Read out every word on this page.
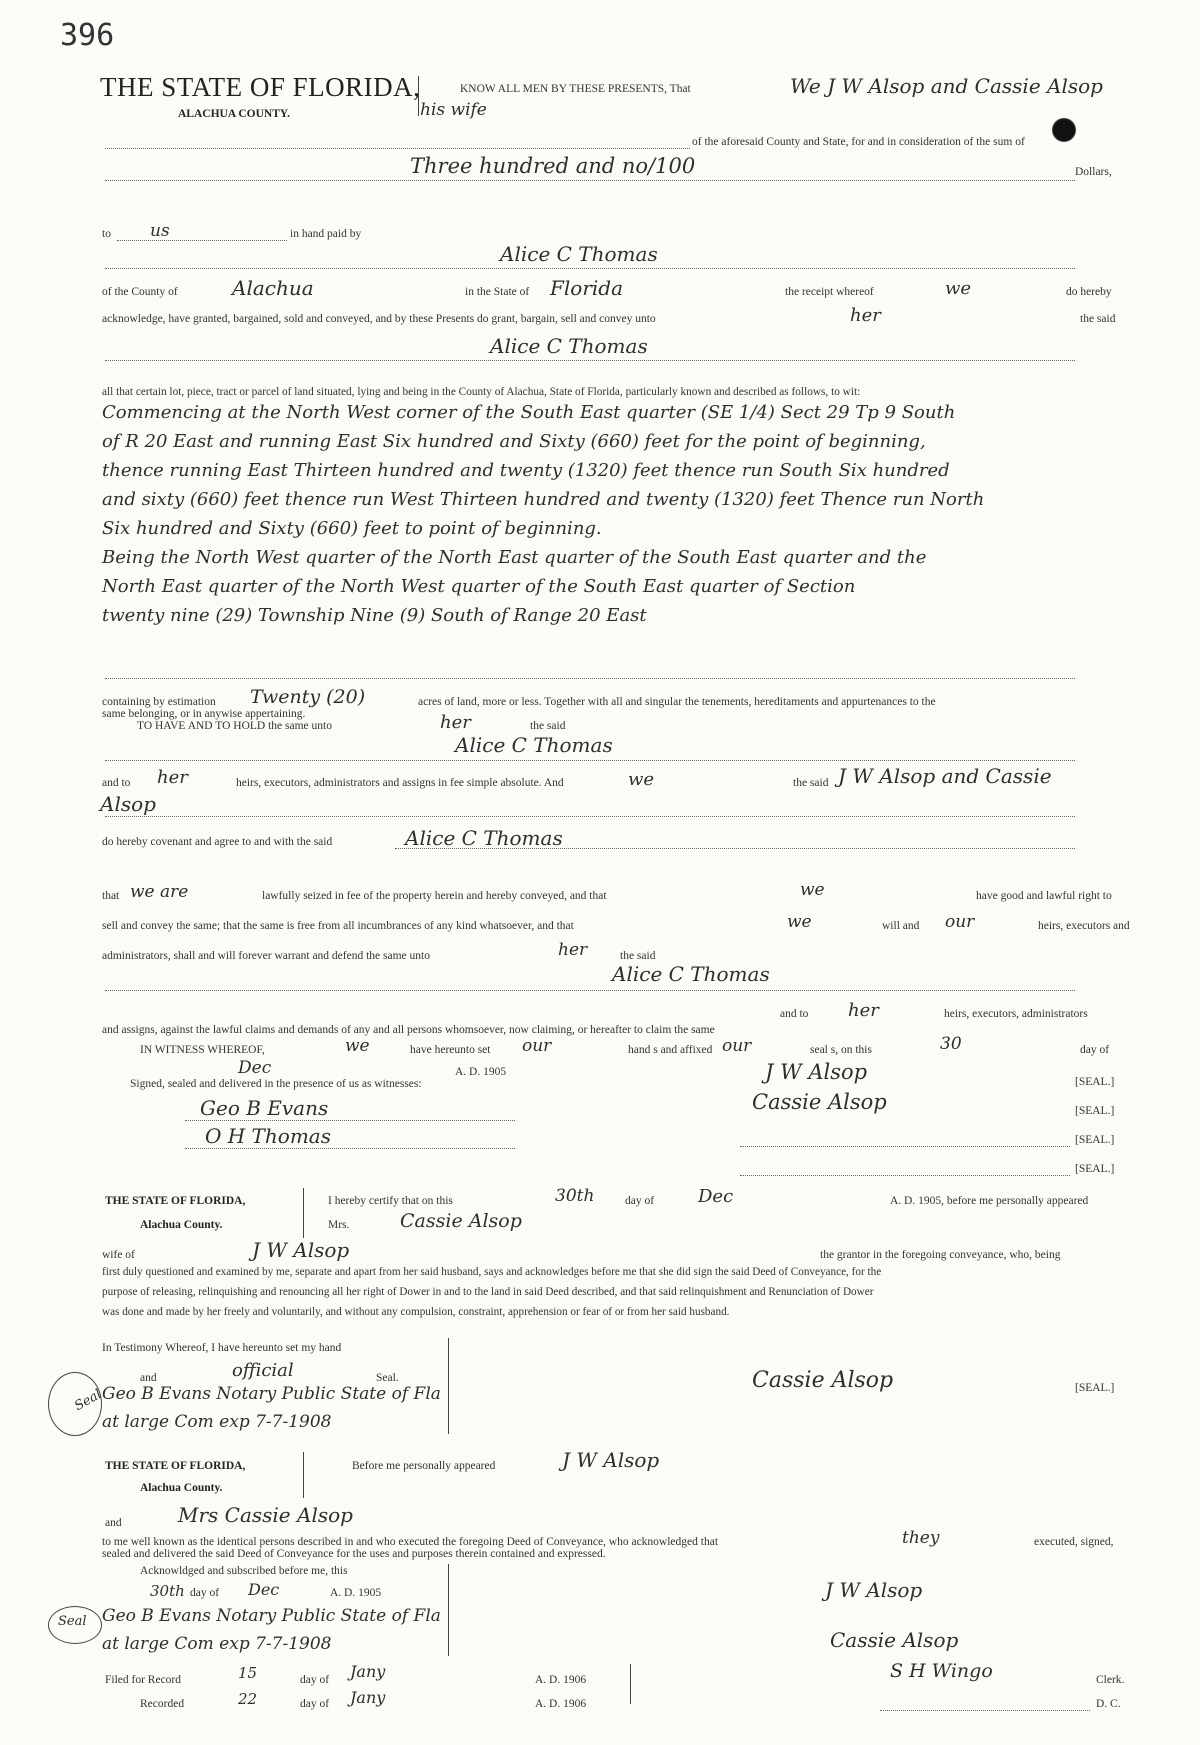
396
THE STATE OF FLORIDA,
ALACHUA COUNTY.
KNOW ALL MEN BY THESE PRESENTS, That	We J W Alsop and Cassie Alsop
his wife
of the aforesaid County and State, for and in consideration of the sum of
Three hundred and no/100	Dollars,
to us	in hand paid by
Alice C Thomas
of the County of	Alachua	in the State of Florida	the receipt whereof	we	do hereby
acknowledge, have granted, bargained, sold and conveyed, and by these Presents do grant, bargain, sell and convey unto	her	the said
Alice C Thomas
all that certain lot, piece, tract or parcel of land situated, lying and being in the County of Alachua, State of Florida, particularly known and described as follows, to wit:
Commencing at the North West corner of the South East quarter (SE 1/4) Sect 29 Tp 9 South
of R 20 East and running East Six hundred and Sixty (660) feet for the point of beginning,
thence running East Thirteen hundred and twenty (1320) feet thence run South Six hundred
and sixty (660) feet thence run West Thirteen hundred and twenty (1320) feet Thence run North
Six hundred and Sixty (660) feet to point of beginning.
Being the North West quarter of the North East quarter of the South East quarter and the
North East quarter of the North West quarter of the South East quarter of Section
twenty nine (29) Township Nine (9) South of Range 20 East
containing by estimation Twenty (20)	acres of land, more or less. Together with all and singular the tenements, hereditaments and appurtenances to the
same belonging, or in anywise appertaining.
TO HAVE AND TO HOLD the same unto	her	the said
Alice C Thomas
and to her	heirs, executors, administrators and assigns in fee simple absolute. And	we	the said J W Alsop and Cassie
Alsop
do hereby covenant and agree to and with the said	Alice C Thomas
that we are	lawfully seized in fee of the property herein and hereby conveyed, and that	we	have good and lawful right to
sell and convey the same; that the same is free from all incumbrances of any kind whatsoever, and that	we	will and our	heirs, executors and
administrators, shall and will forever warrant and defend the same unto	her	the said
Alice C Thomas
and to her	heirs, executors, administrators
and assigns, against the lawful claims and demands of any and all persons whomsoever, now claiming, or hereafter to claim the same
IN WITNESS WHEREOF,	we	have hereunto set our	hand s and affixed our	seal s, on this	30	day of
Dec	A. D. 1905
Signed, sealed and delivered in the presence of us as witnesses:
Geo B Evans
O H Thomas
J W Alsop	[SEAL.]
Cassie Alsop	[SEAL.]
[SEAL.]
[SEAL.]
THE STATE OF FLORIDA,
Alachua County.
I hereby certify that on this	30th	day of Dec	A. D. 1905, before me personally appeared
Mrs.	Cassie Alsop
wife of	J W Alsop	the grantor in the foregoing conveyance, who, being
first duly questioned and examined by me, separate and apart from her said husband, says and acknowledges before me that she did sign the said Deed of Conveyance, for the
purpose of releasing, relinquishing and renouncing all her right of Dower in and to the land in said Deed described, and that said relinquishment and Renunciation of Dower
was done and made by her freely and voluntarily, and without any compulsion, constraint, apprehension or fear of or from her said husband.
In Testimony Whereof, I have hereunto set my hand
and	official	Seal.
Seal
Geo B Evans Notary Public State of Fla
at large Com exp 7-7-1908
Cassie Alsop	[SEAL.]
THE STATE OF FLORIDA,
Alachua County.
Before me personally appeared	J W Alsop
and	Mrs Cassie Alsop
to me well known as the identical persons described in and who executed the foregoing Deed of Conveyance, who acknowledged that	they	executed, signed,
sealed and delivered the said Deed of Conveyance for the uses and purposes therein contained and expressed.
Acknowldged and subscribed before me, this
30th day of Dec	A. D. 1905
Seal Geo B Evans Notary Public State of Fla
at large Com exp 7-7-1908
J W Alsop
Cassie Alsop
Filed for Record	15	day of Jany	A. D. 1906	S H Wingo	Clerk.
Recorded	22	day of Jany	A. D. 1906	D. C.
